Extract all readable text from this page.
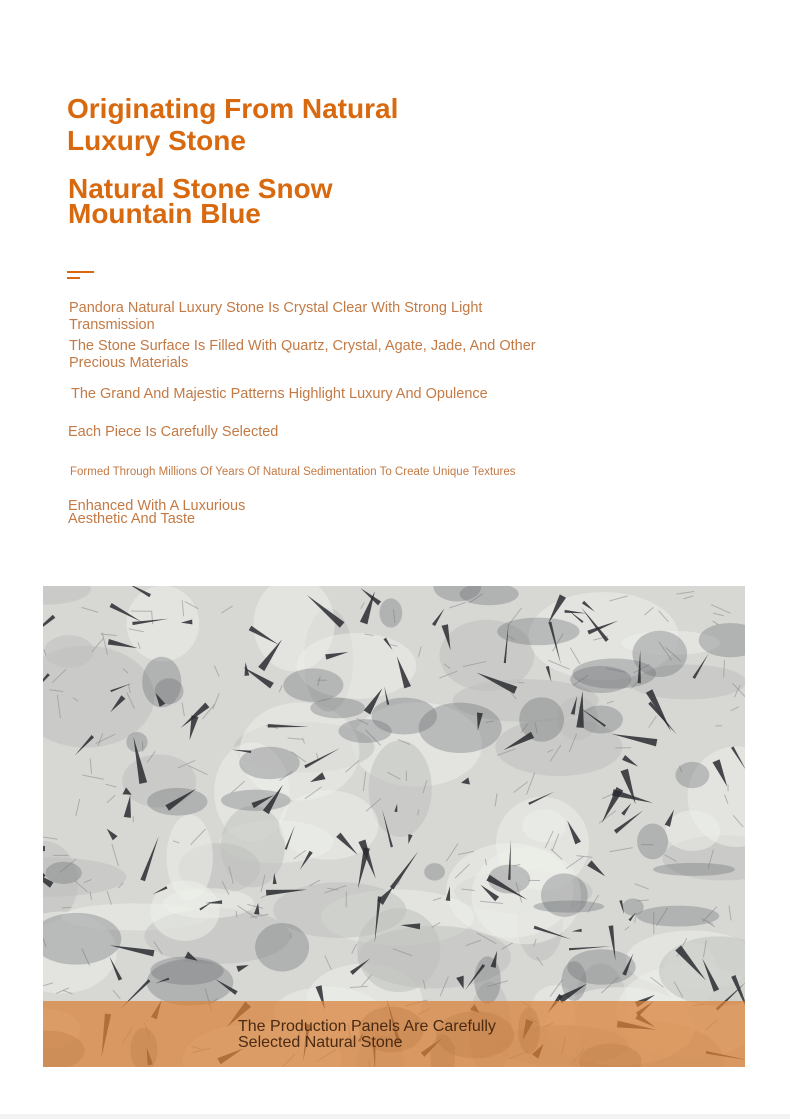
Originating From Natural Luxury Stone
Natural Stone Snow Mountain Blue

Pandora Natural Luxury Stone Is Crystal Clear With Strong Light Transmission

The Stone Surface Is Filled With Quartz, Crystal, Agate, Jade, And Other Precious Materials

The Grand And Majestic Patterns Highlight Luxury And Opulence

Each Piece Is Carefully Selected

Formed Through Millions Of Years Of Natural Sedimentation To Create Unique Textures

Enhanced With A Luxurious Aesthetic And Taste

The Production Panels Are Carefully Selected Natural Stone
